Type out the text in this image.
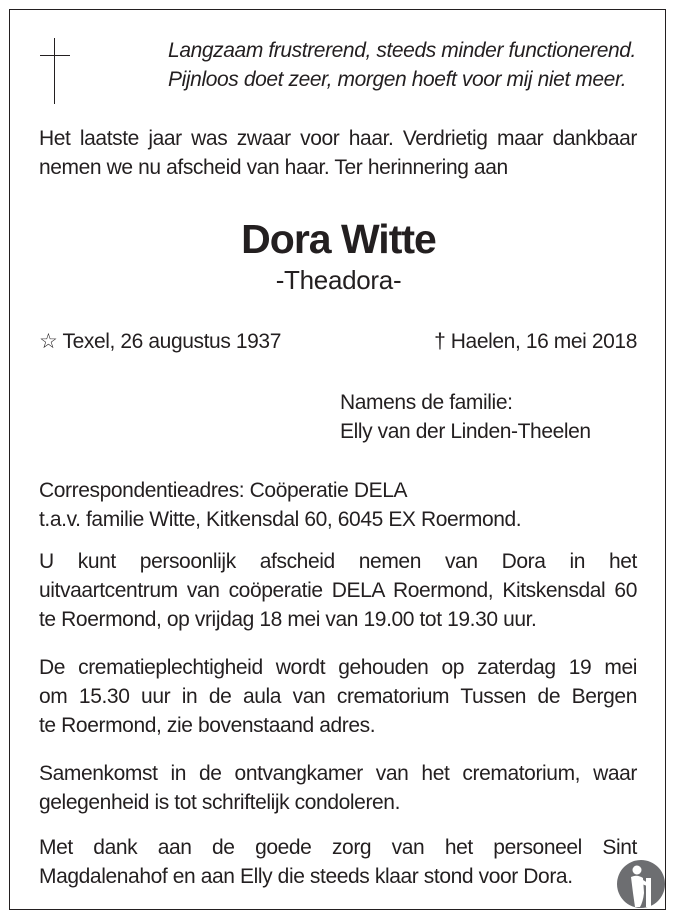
Langzaam frustrerend, steeds minder functionerend.
Pijnloos doet zeer, morgen hoeft voor mij niet meer.
Het laatste jaar was zwaar voor haar. Verdrietig maar dankbaar
nemen we nu afscheid van haar. Ter herinnering aan
Dora Witte
-Theadora-
☆ Texel, 26 augustus 1937	† Haelen, 16 mei 2018
Namens de familie:
Elly van der Linden-Theelen
Correspondentieadres: Coöperatie DELA
t.a.v. familie Witte, Kitkensdal 60, 6045 EX Roermond.
U kunt persoonlijk afscheid nemen van Dora in het
uitvaartcentrum van coöperatie DELA Roermond, Kitskensdal 60
te Roermond, op vrijdag 18 mei van 19.00 tot 19.30 uur.
De crematieplechtigheid wordt gehouden op zaterdag 19 mei
om 15.30 uur in de aula van crematorium Tussen de Bergen
te Roermond, zie bovenstaand adres.
Samenkomst in de ontvangkamer van het crematorium, waar
gelegenheid is tot schriftelijk condoleren.
Met dank aan de goede zorg van het personeel Sint
Magdalenahof en aan Elly die steeds klaar stond voor Dora.
